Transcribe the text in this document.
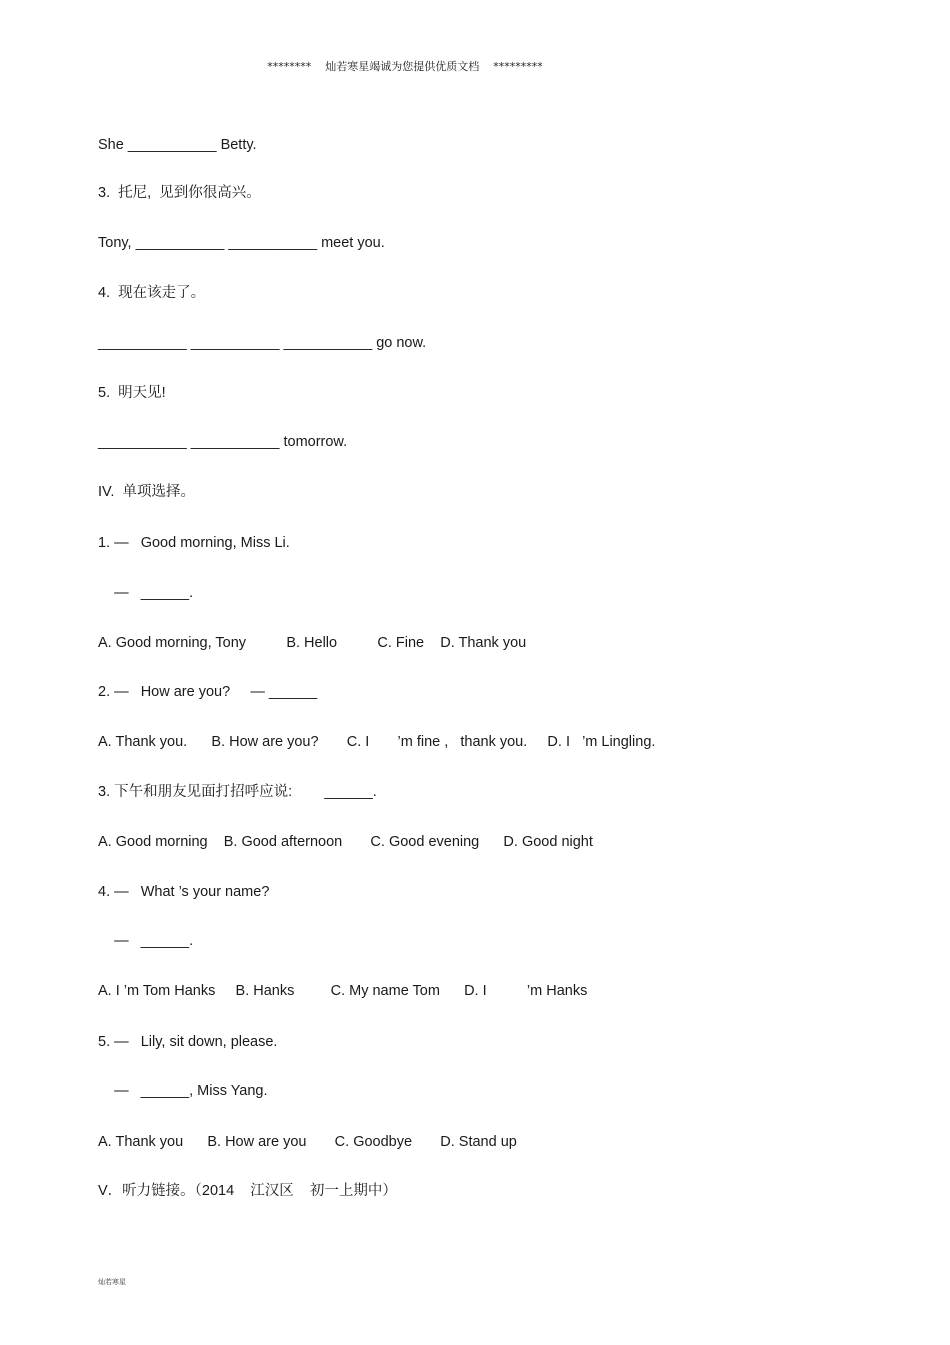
********    灿若寒星竭诚为您提供优质文档    *********
She ___________ Betty.
3.  托尼,  见到你很高兴。
Tony, ___________ ___________ meet you.
4.  现在该走了。
___________ ___________ ___________ go now.
5.  明天见!
___________ ___________ tomorrow.
IV.  单项选择。
1. —   Good morning, Miss Li.
—   ______.
A. Good morning, Tony          B. Hello          C. Fine    D. Thank you
2. —   How are you?     — ______
A. Thank you.      B. How are you?       C. I       ’m fine ,   thank you.     D. I   ’m Lingling.
3. 下午和朋友见面打招呼应说:        ______.
A. Good morning    B. Good afternoon       C. Good evening      D. Good night
4. —   What ’s your name?
—   ______.
A. I ’m Tom Hanks     B. Hanks         C. My name Tom      D. I          ’m Hanks
5. —   Lily, sit down, please.
—   ______, Miss Yang.
A. Thank you      B. How are you       C. Goodbye       D. Stand up
V．听力链接。（2014    江汉区    初一上期中）
灿若寒星
